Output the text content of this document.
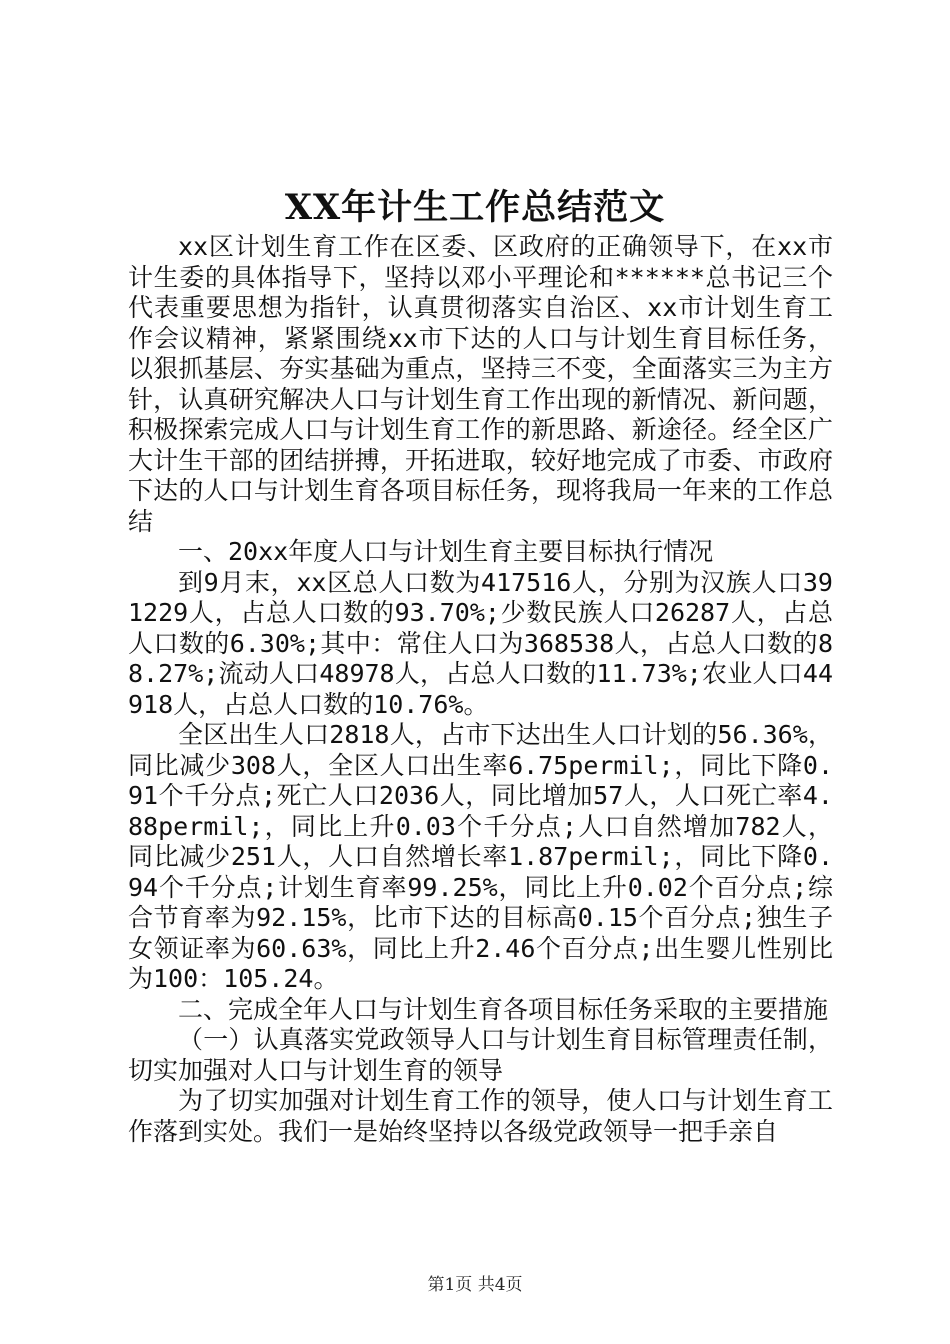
XX年计生工作总结范文

xx区计划生育工作在区委、区政府的正确领导下，在xx市计生委的具体指导下，坚持以邓小平理论和******总书记三个代表重要思想为指针，认真贯彻落实自治区、xx市计划生育工作会议精神，紧紧围绕xx市下达的人口与计划生育目标任务，以狠抓基层、夯实基础为重点，坚持三不变，全面落实三为主方针，认真研究解决人口与计划生育工作出现的新情况、新问题，积极探索完成人口与计划生育工作的新思路、新途径。经全区广大计生干部的团结拼搏，开拓进取，较好地完成了市委、市政府下达的人口与计划生育各项目标任务，现将我局一年来的工作总结

一、20xx年度人口与计划生育主要目标执行情况

到9月末，xx区总人口数为417516人，分别为汉族人口391229人，占总人口数的93.70%;少数民族人口26287人，占总人口数的6.30%;其中：常住人口为368538人，占总人口数的88.27%;流动人口48978人，占总人口数的11.73%;农业人口44918人，占总人口数的10.76%。

全区出生人口2818人，占市下达出生人口计划的56.36%，同比减少308人，全区人口出生率6.75permil;，同比下降0.91个千分点;死亡人口2036人，同比增加57人，人口死亡率4.88permil;，同比上升0.03个千分点;人口自然增加782人，同比减少251人，人口自然增长率1.87permil;，同比下降0.94个千分点;计划生育率99.25%，同比上升0.02个百分点;综合节育率为92.15%，比市下达的目标高0.15个百分点;独生子女领证率为60.63%，同比上升2.46个百分点;出生婴儿性别比为100：105.24。

二、完成全年人口与计划生育各项目标任务采取的主要措施

（一）认真落实党政领导人口与计划生育目标管理责任制，切实加强对人口与计划生育的领导

为了切实加强对计划生育工作的领导，使人口与计划生育工作落到实处。我们一是始终坚持以各级党政领导一把手亲自

第1页 共4页
